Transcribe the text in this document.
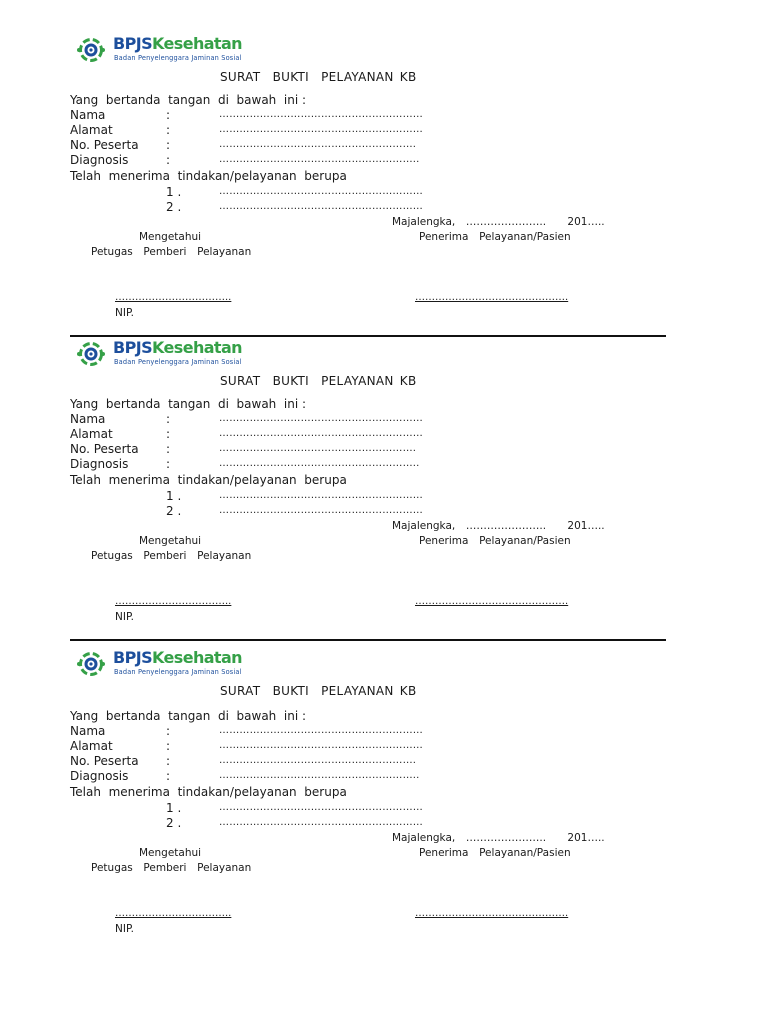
BPJSKesehatan
Badan Penyelenggara Jaminan Sosial
SURAT  BUKTI  PELAYANAN KB
Yang  bertanda  tangan  di  bawah  ini :
Nama	:	……………………………………………………
Alamat	:	……………………………………………………
No. Peserta :	………………………………………………….
Diagnosis	:	…………………………………………………..
Telah  menerima  tindakan/pelayanan  berupa
1 .	……………………………………………………
2 .	……………………………………………………
Majalengka,  …………………..    201…..
Mengetahui	Penerima  Pelayanan/Pasien
Petugas  Pemberi  Pelayanan
……………………………..	……………………………………….
NIP.
BPJSKesehatan
Badan Penyelenggara Jaminan Sosial
SURAT  BUKTI  PELAYANAN KB
Yang  bertanda  tangan  di  bawah  ini :
Nama	:	……………………………………………………
Alamat	:	……………………………………………………
No. Peserta :	………………………………………………….
Diagnosis	:	…………………………………………………..
Telah  menerima  tindakan/pelayanan  berupa
1 .	……………………………………………………
2 .	……………………………………………………
Majalengka,  …………………..    201…..
Mengetahui	Penerima  Pelayanan/Pasien
Petugas  Pemberi  Pelayanan
……………………………..	……………………………………….
NIP.
BPJSKesehatan
Badan Penyelenggara Jaminan Sosial
SURAT  BUKTI  PELAYANAN KB
Yang  bertanda  tangan  di  bawah  ini :
Nama	:	……………………………………………………
Alamat	:	……………………………………………………
No. Peserta :	………………………………………………….
Diagnosis	:	…………………………………………………..
Telah  menerima  tindakan/pelayanan  berupa
1 .	……………………………………………………
2 .	……………………………………………………
Majalengka,  …………………..    201…..
Mengetahui	Penerima  Pelayanan/Pasien
Petugas  Pemberi  Pelayanan
……………………………..	……………………………………….
NIP.
